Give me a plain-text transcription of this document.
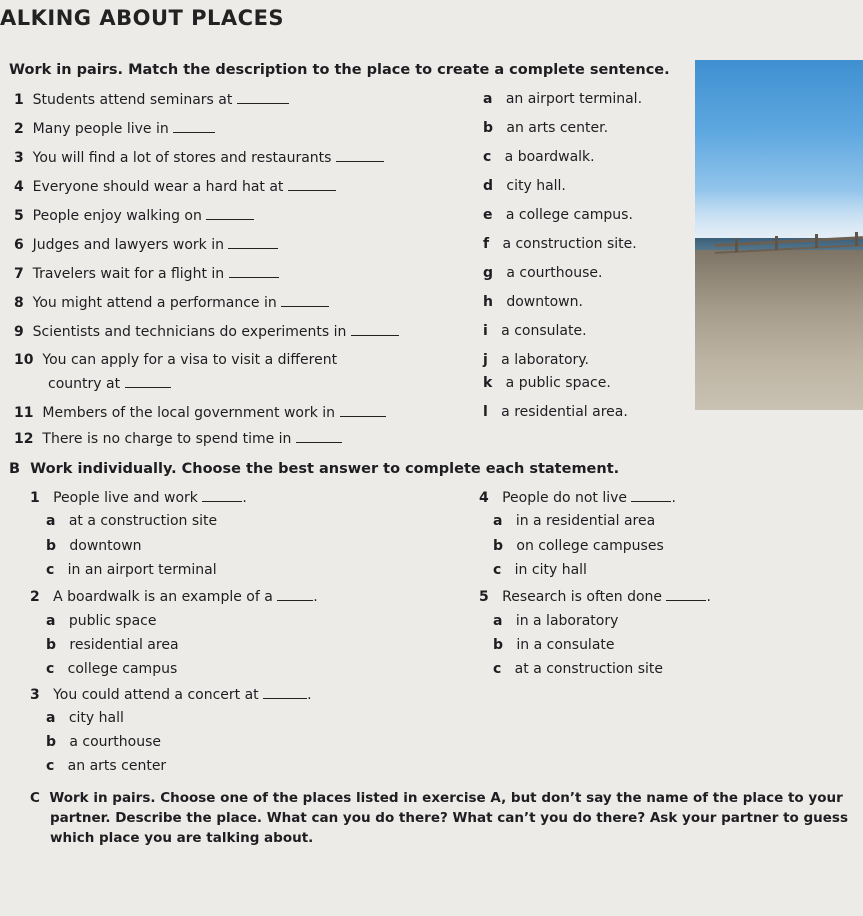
ALKING ABOUT PLACES
Work in pairs. Match the description to the place to create a complete sentence.
1 Students attend seminars at
2 Many people live in
3 You will find a lot of stores and restaurants
4 Everyone should wear a hard hat at
5 People enjoy walking on
6 Judges and lawyers work in
7 Travelers wait for a flight in
8 You might attend a performance in
9 Scientists and technicians do experiments in
10 You can apply for a visa to visit a different
country at
11 Members of the local government work in
12 There is no charge to spend time in
a an airport terminal.
b an arts center.
c a boardwalk.
d city hall.
e a college campus.
f a construction site.
g a courthouse.
h downtown.
i a consulate.
j a laboratory.
k a public space.
l a residential area.
B Work individually. Choose the best answer to complete each statement.
1 People live and work	.
a at a construction site
b downtown
c in an airport terminal
2 A boardwalk is an example of a	.
a public space
b residential area
c college campus
3 You could attend a concert at	.
a city hall
b a courthouse
c an arts center
4 People do not live	.
a in a residential area
b on college campuses
c in city hall
5 Research is often done	.
a in a laboratory
b in a consulate
c at a construction site
C Work in pairs. Choose one of the places listed in exercise A, but don’t say the name of the place to your
partner. Describe the place. What can you do there? What can’t you do there? Ask your partner to guess
which place you are talking about.
